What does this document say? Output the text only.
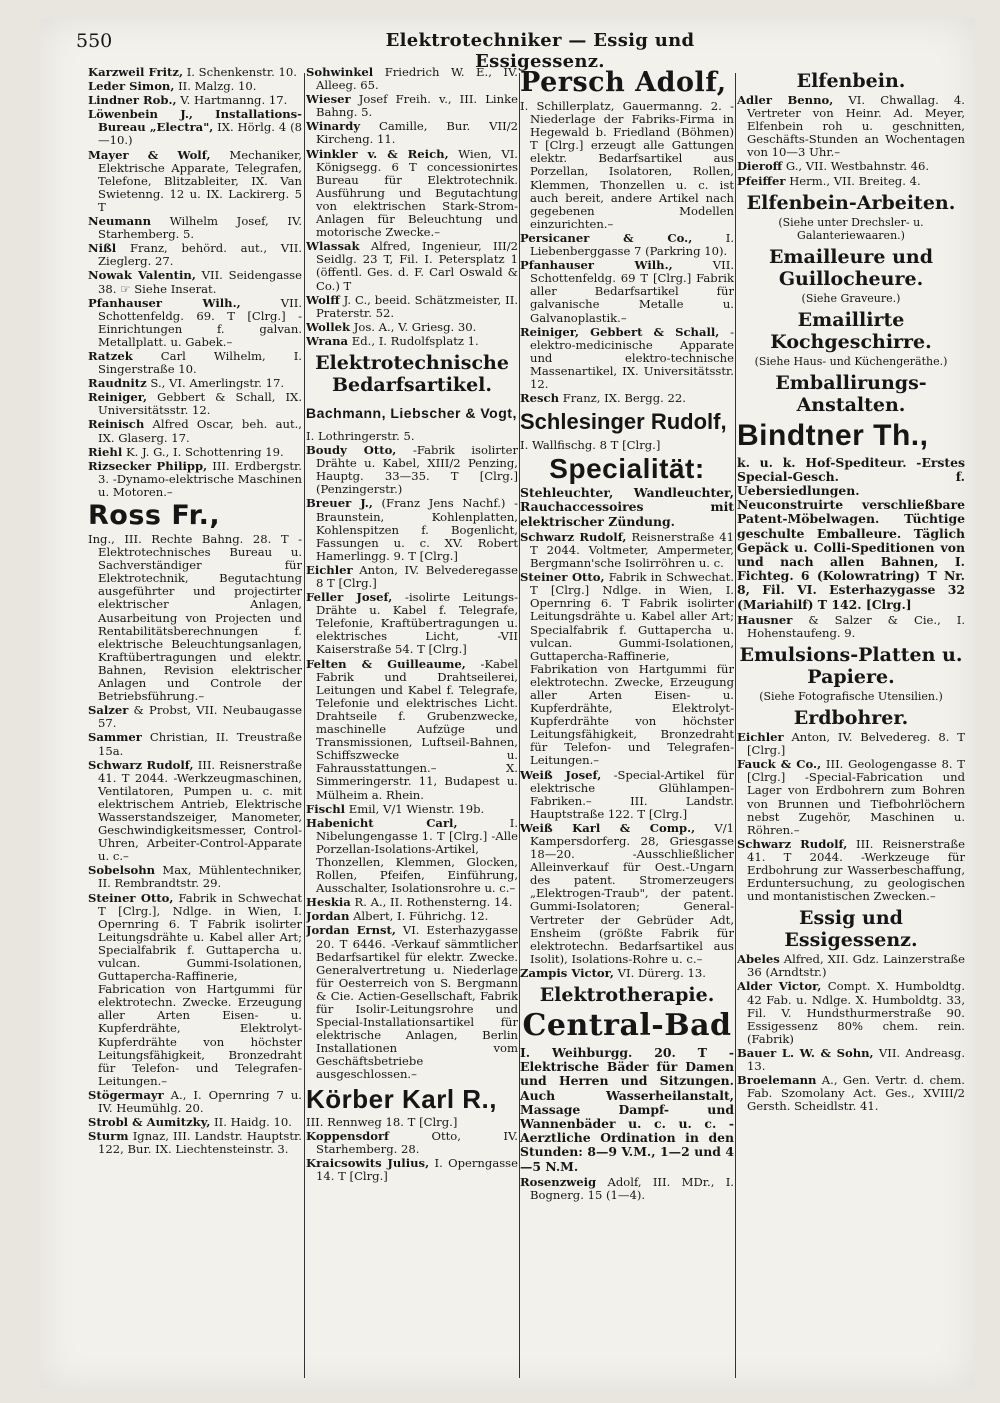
550	Elektrotechniker — Essig und Essigessenz.

Karzweil Fritz, I. Schenkenstr. 10.

Leder Simon, II. Malzg. 10.

Lindner Rob., V. Hartmanng. 17.

Löwenbein J., Installations-Bureau „Electra", IX. Hörlg. 4 (8—10.)

Mayer & Wolf, Mechaniker, Elektrische Apparate, Telegrafen, Telefone, Blitzableiter, IX. Van Swietenng. 12 u. IX. Lackirerg. 5 T

Neumann Wilhelm Josef, IV. Starhemberg. 5.

Nißl Franz, behörd. aut., VII. Zieglerg. 27.

Nowak Valentin, VII. Seidengasse 38. ☞ Siehe Inserat.

Pfanhauser Wilh.,	VII. Schottenfeldg. 69. T [Clrg.] -Einrichtungen f. galvan. Metallplatt. u. Gabek.–

Ratzek Carl Wilhelm, I. Singerstraße 10.

Raudnitz S., VI. Amerlingstr. 17.

Reiniger, Gebbert & Schall, IX. Universitätsstr. 12.

Reinisch Alfred Oscar, beh. aut., IX. Glaserg. 17.

Riehl K. J. G., I. Schottenring 19.

Rizsecker Philipp, III. Erdbergstr. 3. -Dynamo-elektrische Maschinen u. Motoren.–

Ross Fr.,

Ing., III. Rechte Bahng. 28. T -Elektrotechnisches Bureau u. Sachverständiger für Elektrotechnik, Begutachtung ausgeführter und projectirter elektrischer Anlagen, Ausarbeitung von Projecten und Rentabilitätsberechnungen f. elektrische Beleuchtungsanlagen, Kraftübertragungen und elektr. Bahnen, Revision elektrischer Anlagen und Controle der Betriebsführung.–

Salzer & Probst, VII. Neubaugasse 57.

Sammer Christian, II. Treustraße 15a.

Schwarz Rudolf, III. Reisnerstraße 41. T 2044. -Werkzeugmaschinen, Ventilatoren, Pumpen u. c. mit elektrischem Antrieb, Elektrische Wasserstandszeiger, Manometer, Geschwindigkeitsmesser, Control-Uhren, Arbeiter-Control-Apparate u. c.–

Sobelsohn Max, Mühlentechniker, II. Rembrandtstr. 29.

Steiner Otto, Fabrik in Schwechat T [Clrg.], Ndlge. in Wien, I. Opernring 6. T Fabrik isolirter Leitungsdrähte u. Kabel aller Art; Specialfabrik f. Guttapercha u. vulcan. Gummi-Isolationen, Guttapercha-Raffinerie, Fabrication von Hartgummi für elektrotechn. Zwecke. Erzeugung aller Arten Eisen- u. Kupferdrähte, Elektrolyt-Kupferdrähte von höchster Leitungsfähigkeit, Bronzedraht für Telefon- und Telegrafen-Leitungen.–

Stögermayr A., I. Opernring 7 u. IV. Heumühlg. 20.

Strobl & Aumitzky, II. Haidg. 10.

Sturm Ignaz, III. Landstr. Hauptstr. 122, Bur. IX. Liechtensteinstr. 3.

Sohwinkel Friedrich W. E., IV. Alleeg. 65.

Wieser Josef Freih. v., III. Linke Bahng. 5.

Winardy Camille, Bur. VII/2 Kircheng. 11.

Winkler v. & Reich, Wien, VI. Königsegg. 6 T concessionirtes Bureau für Elektrotechnik. Ausführung und Begutachtung von elektrischen Stark-Strom-Anlagen für Beleuchtung und motorische Zwecke.–

Wlassak Alfred, Ingenieur, III/2 Seidlg. 23 T, Fil. I. Petersplatz 1 (öffentl. Ges. d. F. Carl Oswald & Co.) T

Wolff J. C., beeid. Schätzmeister, II. Praterstr. 52.

Wollek Jos. A., V. Griesg. 30.

Wrana Ed., I. Rudolfsplatz 1.

Elektrotechnische Bedarfsartikel.
Bachmann, Liebscher & Vogt,

I. Lothringerstr. 5.

Boudy Otto, -Fabrik isolirter Drähte u. Kabel, XIII/2 Penzing, Hauptg. 33—35. T [Clrg.] (Penzingerstr.)

Breuer J., (Franz Jens Nachf.) -Braunstein, Kohlenplatten, Kohlenspitzen f. Bogenlicht, Fassungen u. c. XV. Robert Hamerlingg. 9. T [Clrg.]

Eichler Anton, IV. Belvederegasse 8 T [Clrg.]

Feller Josef, -isolirte Leitungs-Drähte u. Kabel f. Telegrafe, Telefonie, Kraftübertragungen u. elektrisches Licht, -VII Kaiserstraße 54. T [Clrg.]

Felten & Guilleaume, -Kabel Fabrik und Drahtseilerei, Leitungen und Kabel f. Telegrafe, Telefonie und elektrisches Licht. Drahtseile f. Grubenzwecke, maschinelle Aufzüge und Transmissionen, Luftseil-Bahnen, Schiffszwecke u. Fahrausstattungen.– X. Simmeringerstr. 11, Budapest u. Mülheim a. Rhein.

Fischl Emil, V/1 Wienstr. 19b.

Habenicht Carl,	I. Nibelungengasse 1. T [Clrg.] -Alle Porzellan-Isolations-Artikel, Thonzellen, Klemmen, Glocken, Rollen, Pfeifen, Einführung, Ausschalter, Isolationsrohre u. c.–

Heskia R. A., II. Rothensterng. 14.

Jordan Albert, I. Führichg. 12.

Jordan Ernst, VI. Esterhazygasse 20. T 6446. -Verkauf sämmtlicher Bedarfsartikel für elektr. Zwecke. Generalvertretung u. Niederlage für Oesterreich von S. Bergmann & Cie. Actien-Gesellschaft, Fabrik für Isolir-Leitungsrohre und Special-Installationsartikel für elektrische Anlagen, Berlin Installationen vom Geschäftsbetriebe ausgeschlossen.–

Körber Karl R.,

III. Rennweg 18. T [Clrg.]

Koppensdorf	Otto, IV. Starhemberg. 28.

Kraicsowits Julius, I. Operngasse 14. T [Clrg.]

Persch Adolf,

I. Schillerplatz, Gauermanng. 2. -Niederlage der Fabriks-Firma in Hegewald b. Friedland (Böhmen) T [Clrg.] erzeugt alle Gattungen elektr. Bedarfsartikel aus Porzellan, Isolatoren, Rollen, Klemmen, Thonzellen u. c. ist auch bereit, andere Artikel nach gegebenen Modellen einzurichten.–

Persicaner & Co.,	I. Liebenberggasse 7 (Parkring 10).

Pfanhauser Wilh.,	VII. Schottenfeldg. 69 T [Clrg.] Fabrik aller Bedarfsartikel für galvanische Metalle u. Galvanoplastik.–

Reiniger, Gebbert & Schall, -elektro-medicinische Apparate und elektro-technische Massenartikel, IX. Universitätsstr. 12.

Resch Franz, IX. Bergg. 22.

Schlesinger Rudolf,

I. Wallfischg. 8 T [Clrg.]

Specialität:
Stehleuchter, Wandleuchter, Rauchaccessoires mit elektrischer Zündung.

Schwarz Rudolf, Reisnerstraße 41 T 2044. Voltmeter, Ampermeter, Bergmann'sche Isolirröhren u. c.

Steiner Otto, Fabrik in Schwechat. T [Clrg.] Ndlge. in Wien, I. Opernring 6. T Fabrik isolirter Leitungsdrähte u. Kabel aller Art; Specialfabrik f. Guttapercha u. vulcan. Gummi-Isolationen, Guttapercha-Raffinerie, Fabrikation von Hartgummi für elektrotechn. Zwecke, Erzeugung aller Arten Eisen- u. Kupferdrähte, Elektrolyt-Kupferdrähte von höchster Leitungsfähigkeit, Bronzedraht für Telefon- und Telegrafen-Leitungen.–

Weiß Josef, -Special-Artikel für elektrische Glühlampen-Fabriken.– III. Landstr. Hauptstraße 122. T [Clrg.]

Weiß Karl & Comp., V/1 Kampersdorferg. 28, Griesgasse 18—20. -Ausschließlicher Alleinverkauf für Oest.-Ungarn des patent. Stromerzeugers „Elektrogen-Traub", der patent. Gummi-Isolatoren; General-Vertreter der Gebrüder Adt, Ensheim (größte Fabrik für elektrotechn. Bedarfsartikel aus Isolit), Isolations-Rohre u. c.–

Zampis Victor, VI. Dürerg. 13.

Elektrotherapie.
Central-Bad
I. Weihburgg. 20. T -Elektrische Bäder für Damen und Herren und Sitzungen. Auch Wasserheilanstalt, Massage Dampf- und Wannenbäder u. c. u. c. -Aerztliche Ordination in den Stunden: 8—9 V.M., 1—2 und 4—5 N.M.

Rosenzweig Adolf, III. MDr., I. Bognerg. 15 (1—4).

Elfenbein.

Adler Benno, VI. Chwallag. 4. Vertreter von Heinr. Ad. Meyer, Elfenbein roh u. geschnitten, Geschäfts-Stunden an Wochentagen von 10—3 Uhr.–

Dieroff G., VII. Westbahnstr. 46.

Pfeiffer Herm., VII. Breiteg. 4.

Elfenbein-Arbeiten.
(Siehe unter Drechsler- u. Galanteriewaaren.)
Emailleure und Guillocheure.
(Siehe Graveure.)
Emaillirte Kochgeschirre.
(Siehe Haus- und Küchengeräthe.)
Emballirungs-Anstalten.
Bindtner Th.,
k. u. k. Hof-Spediteur. -Erstes Special-Gesch. f. Uebersiedlungen. Neuconstruirte verschließbare Patent-Möbelwagen. Tüchtige geschulte Emballeure. Täglich Gepäck u. Colli-Speditionen von und nach allen Bahnen, I. Fichteg. 6 (Kolowratring) T Nr. 8, Fil. VI. Esterhazygasse 32 (Mariahilf) T 142. [Clrg.]

Hausner & Salzer & Cie., I. Hohenstaufeng. 9.

Emulsions-Platten u. Papiere.
(Siehe Fotografische Utensilien.)
Erdbohrer.

Eichler Anton, IV. Belvedereg. 8. T [Clrg.]

Fauck & Co., III. Geologengasse 8. T [Clrg.] -Special-Fabrication und Lager von Erdbohrern zum Bohren von Brunnen und Tiefbohrlöchern nebst Zugehör, Maschinen u. Röhren.–

Schwarz Rudolf, III. Reisnerstraße 41. T 2044. -Werkzeuge für Erdbohrung zur Wasserbeschaffung, Erduntersuchung, zu geologischen und montanistischen Zwecken.–

Essig und Essigessenz.

Abeles Alfred, XII. Gdz. Lainzerstraße 36 (Arndtstr.)

Alder Victor, Compt. X. Humboldtg. 42 Fab. u. Ndlge. X. Humboldtg. 33, Fil. V. Hundsthurmerstraße 90. Essigessenz 80% chem. rein. (Fabrik)

Bauer L. W. & Sohn, VII. Andreasg. 13.

Broelemann A., Gen. Vertr. d. chem. Fab. Szomolany Act. Ges., XVIII/2 Gersth. Scheidlstr. 41.
